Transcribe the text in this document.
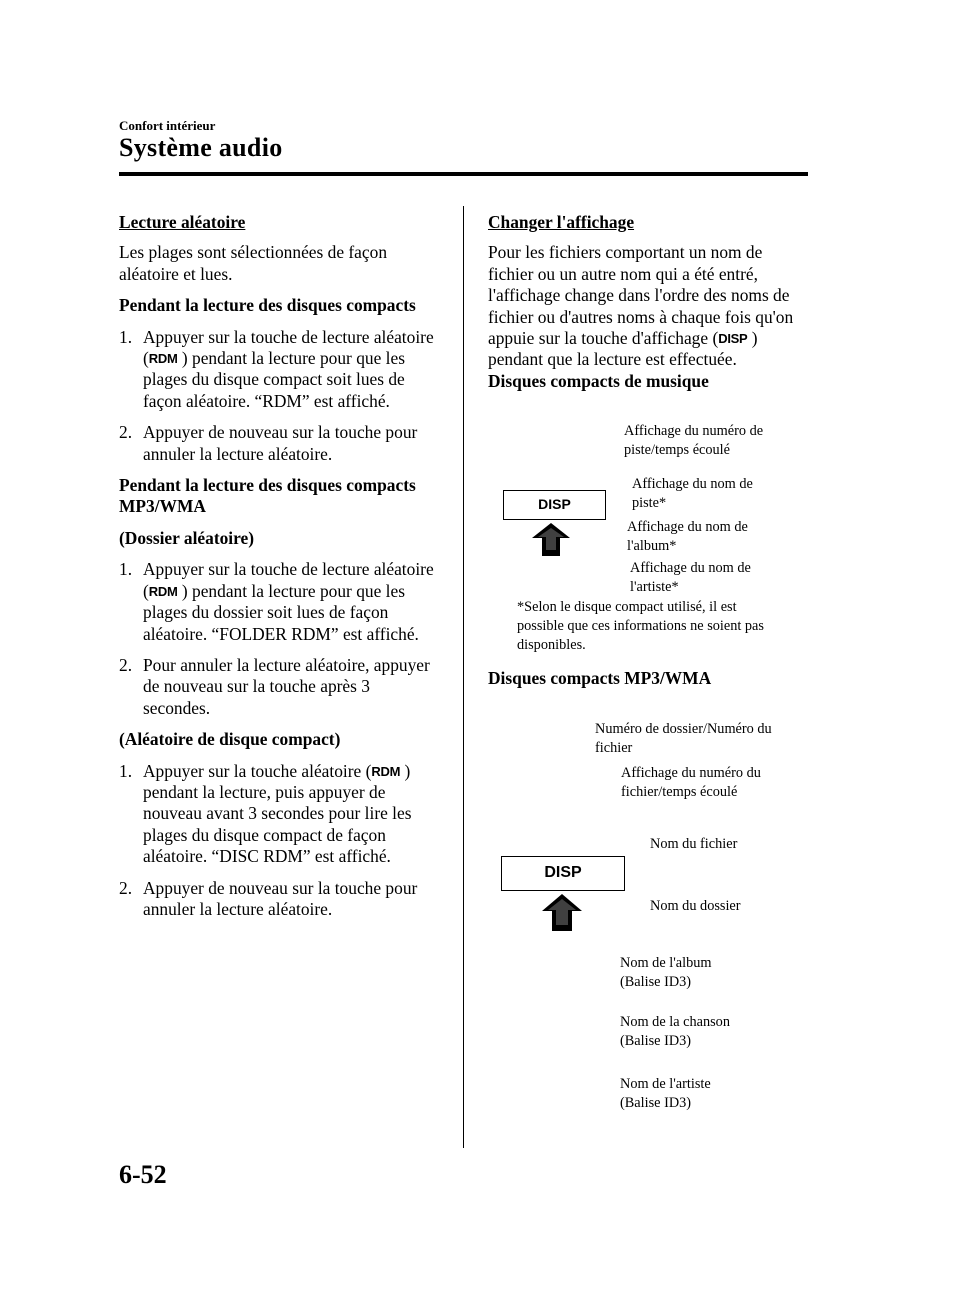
Confort intérieur
Système audio

Lecture aléatoire

Les plages sont sélectionnées de façon aléatoire et lues.

Pendant la lecture des disques compacts

1. Appuyer sur la touche de lecture aléatoire (RDM ) pendant la lecture pour que les plages du disque compact soit lues de façon aléatoire. “RDM” est affiché.
2. Appuyer de nouveau sur la touche pour annuler la lecture aléatoire.

Pendant la lecture des disques compacts MP3/WMA

(Dossier aléatoire)

1. Appuyer sur la touche de lecture aléatoire (RDM ) pendant la lecture pour que les plages du dossier soit lues de façon aléatoire. “FOLDER RDM” est affiché.
2. Pour annuler la lecture aléatoire, appuyer de nouveau sur la touche après 3 secondes.

(Aléatoire de disque compact)

1. Appuyer sur la touche aléatoire (RDM ) pendant la lecture, puis appuyer de nouveau avant 3 secondes pour lire les plages du disque compact de façon aléatoire. “DISC RDM” est affiché.
2. Appuyer de nouveau sur la touche pour annuler la lecture aléatoire.

Changer l'affichage

Pour les fichiers comportant un nom de fichier ou un autre nom qui a été entré, l'affichage change dans l'ordre des noms de fichier ou d'autres noms à chaque fois qu'on appuie sur la touche d'affichage (DISP ) pendant que la lecture est effectuée.

Disques compacts de musique

DISP
Affichage du numéro de piste/temps écoulé
Affichage du nom de piste*
Affichage du nom de l'album*
Affichage du nom de l'artiste*
*Selon le disque compact utilisé, il est possible que ces informations ne soient pas disponibles.
Disques compacts MP3/WMA
DISP
Numéro de dossier/Numéro du fichier
Affichage du numéro du fichier/temps écoulé
Nom du fichier
Nom du dossier
Nom de l'album (Balise ID3)
Nom de la chanson (Balise ID3)
Nom de l'artiste (Balise ID3)
6-52
